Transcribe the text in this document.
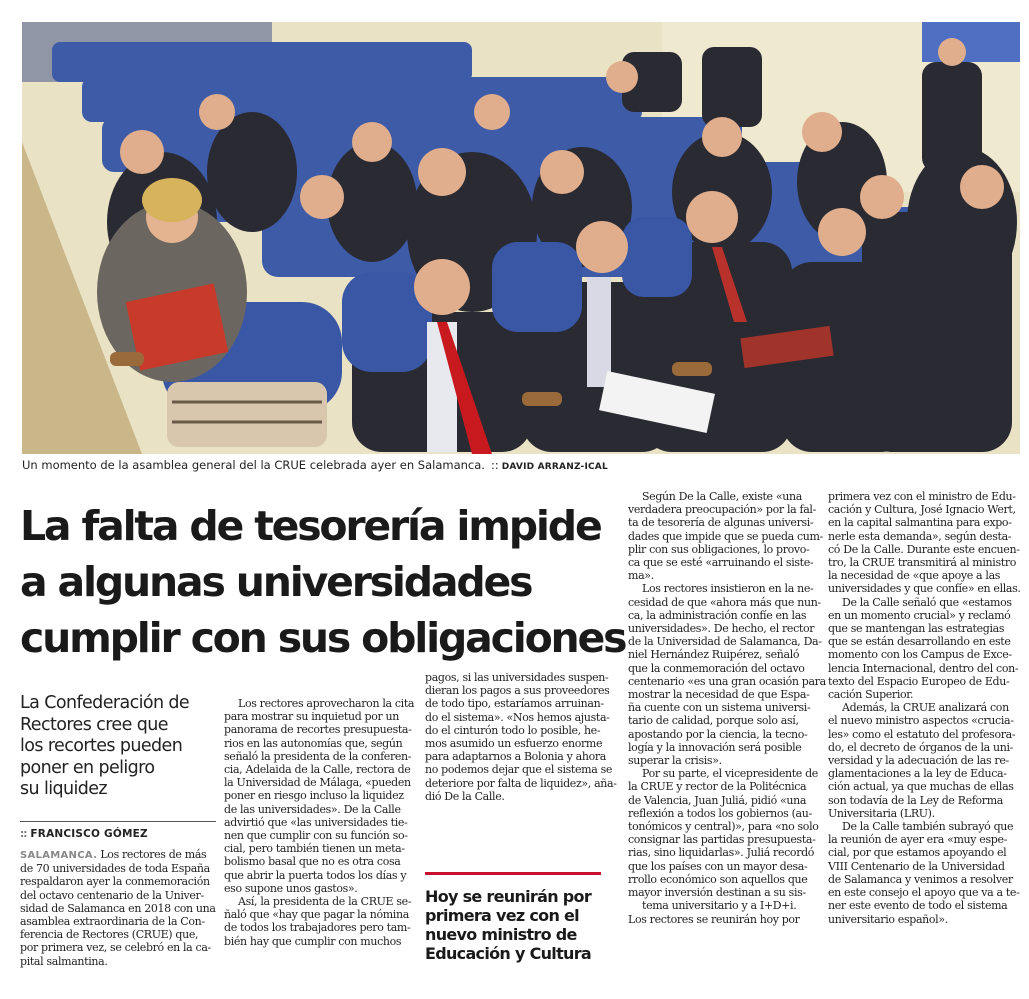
Un momento de la asamblea general del la CRUE celebrada ayer en Salamanca. :: DAVID ARRANZ-ICAL
La falta de tesorería impide
a algunas universidades
cumplir con sus obligaciones
La Confederación de
Rectores cree que
los recortes pueden
poner en peligro
su liquidez
:: FRANCISCO GÓMEZ
SALAMANCA. Los rectores de más
de 70 universidades de toda España
respaldaron ayer la conmemoración
del octavo centenario de la Univer-
sidad de Salamanca en 2018 con una
asamblea extraordinaria de la Con-
ferencia de Rectores (CRUE) que,
por primera vez, se celebró en la ca-
pital salmantina.
Los rectores aprovecharon la cita
para mostrar su inquietud por un
panorama de recortes presupuesta-
rios en las autonomías que, según
señaló la presidenta de la conferen-
cia, Adelaida de la Calle, rectora de
la Universidad de Málaga, «pueden
poner en riesgo incluso la liquidez
de las universidades». De la Calle
advirtió que «las universidades tie-
nen que cumplir con su función so-
cial, pero también tienen un meta-
bolismo basal que no es otra cosa
que abrir la puerta todos los días y
eso supone unos gastos».
Así, la presidenta de la CRUE se-
ñaló que «hay que pagar la nómina
de todos los trabajadores pero tam-
bién hay que cumplir con muchos
pagos, si las universidades suspen-
dieran los pagos a sus proveedores
de todo tipo, estaríamos arruinan-
do el sistema». «Nos hemos ajusta-
do el cinturón todo lo posible, he-
mos asumido un esfuerzo enorme
para adaptarnos a Bolonia y ahora
no podemos dejar que el sistema se
deteriore por falta de liquidez», aña-
dió De la Calle.
Hoy se reunirán por
primera vez con el
nuevo ministro de
Educación y Cultura
Según De la Calle, existe «una
verdadera preocupación» por la fal-
ta de tesorería de algunas universi-
dades que impide que se pueda cum-
plir con sus obligaciones, lo provo-
ca que se esté «arruinando el siste-
ma».
Los rectores insistieron en la ne-
cesidad de que «ahora más que nun-
ca, la administración confíe en las
universidades». De hecho, el rector
de la Universidad de Salamanca, Da-
niel Hernández Ruipérez, señaló
que la conmemoración del octavo
centenario «es una gran ocasión para
mostrar la necesidad de que Espa-
ña cuente con un sistema universi-
tario de calidad, porque solo así,
apostando por la ciencia, la tecno-
logía y la innovación será posible
superar la crisis».
Por su parte, el vicepresidente de
la CRUE y rector de la Politécnica
de Valencia, Juan Juliá, pidió «una
reflexión a todos los gobiernos (au-
tonómicos y central)», para «no solo
consignar las partidas presupuesta-
rias, sino liquidarlas». Juliá recordó
que los países con un mayor desa-
rrollo económico son aquellos que
mayor inversión destinan a su sis-
tema universitario y a I+D+i.
Los rectores se reunirán hoy por
primera vez con el ministro de Edu-
cación y Cultura, José Ignacio Wert,
en la capital salmantina para expo-
nerle esta demanda», según desta-
có De la Calle. Durante este encuen-
tro, la CRUE transmitirá al ministro
la necesidad de «que apoye a las
universidades y que confíe» en ellas.
De la Calle señaló que «estamos
en un momento crucial» y reclamó
que se mantengan las estrategias
que se están desarrollando en este
momento con los Campus de Exce-
lencia Internacional, dentro del con-
texto del Espacio Europeo de Edu-
cación Superior.
Además, la CRUE analizará con
el nuevo ministro aspectos «crucia-
les» como el estatuto del profesora-
do, el decreto de órganos de la uni-
versidad y la adecuación de las re-
glamentaciones a la ley de Educa-
ción actual, ya que muchas de ellas
son todavía de la Ley de Reforma
Universitaria (LRU).
De la Calle también subrayó que
la reunión de ayer era «muy espe-
cial, por que estamos apoyando el
VIII Centenario de la Universidad
de Salamanca y venimos a resolver
en este consejo el apoyo que va a te-
ner este evento de todo el sistema
universitario español».
